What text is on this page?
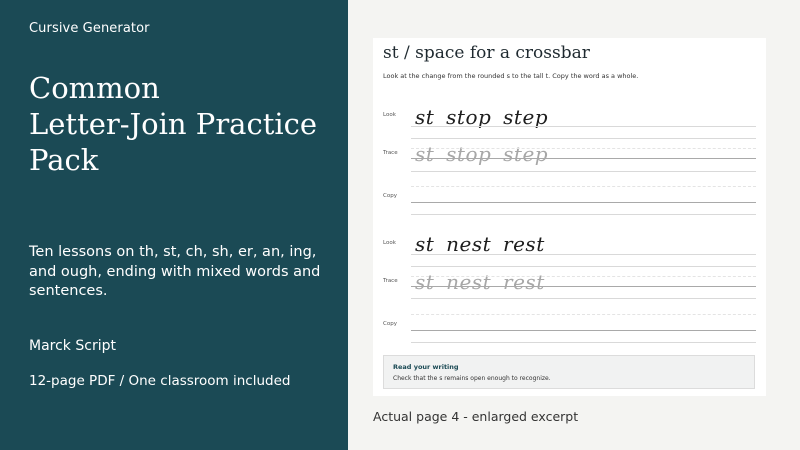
Cursive Generator
Common
Letter-Join Practice
Pack

Ten lessons on th, st, ch, sh, er, an, ing, and ough, ending with mixed words and sentences.

Marck Script
12-page PDF / One classroom included
st / space for a crossbar
Look at the change from the rounded s to the tall t. Copy the word as a whole.
Look st stop step
Trace st stop step
Copy
Look st nest rest
Trace st nest rest
Copy
Read your writing
Check that the s remains open enough to recognize.
Actual page 4 - enlarged excerpt
